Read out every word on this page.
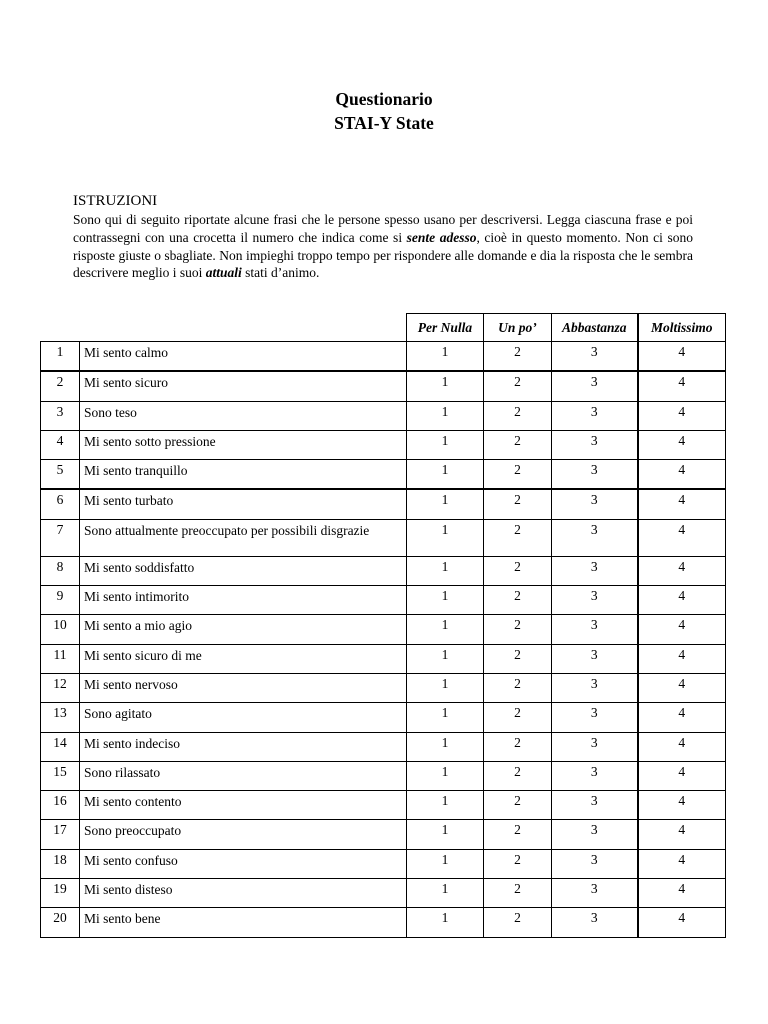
Questionario
STAI-Y State
ISTRUZIONI
Sono qui di seguito riportate alcune frasi che le persone spesso usano per descriversi. Legga ciascuna frase e poi contrassegni con una crocetta il numero che indica come si sente adesso, cioè in questo momento. Non ci sono risposte giuste o sbagliate. Non impieghi troppo tempo per rispondere alle domande e dia la risposta che le sembra descrivere meglio i suoi attuali stati d’animo.
		Per Nulla	Un po’	Abbastanza	Moltissimo
1	Mi sento calmo	1	2	3	4
2	Mi sento sicuro	1	2	3	4
3	Sono teso	1	2	3	4
4	Mi sento sotto pressione	1	2	3	4
5	Mi sento tranquillo	1	2	3	4
6	Mi sento turbato	1	2	3	4
7	Sono attualmente preoccupato per possibili disgrazie	1	2	3	4
8	Mi sento soddisfatto	1	2	3	4
9	Mi sento intimorito	1	2	3	4
10	Mi sento a mio agio	1	2	3	4
11	Mi sento sicuro di me	1	2	3	4
12	Mi sento nervoso	1	2	3	4
13	Sono agitato	1	2	3	4
14	Mi sento indeciso	1	2	3	4
15	Sono rilassato	1	2	3	4
16	Mi sento contento	1	2	3	4
17	Sono preoccupato	1	2	3	4
18	Mi sento confuso	1	2	3	4
19	Mi sento disteso	1	2	3	4
20	Mi sento bene	1	2	3	4
